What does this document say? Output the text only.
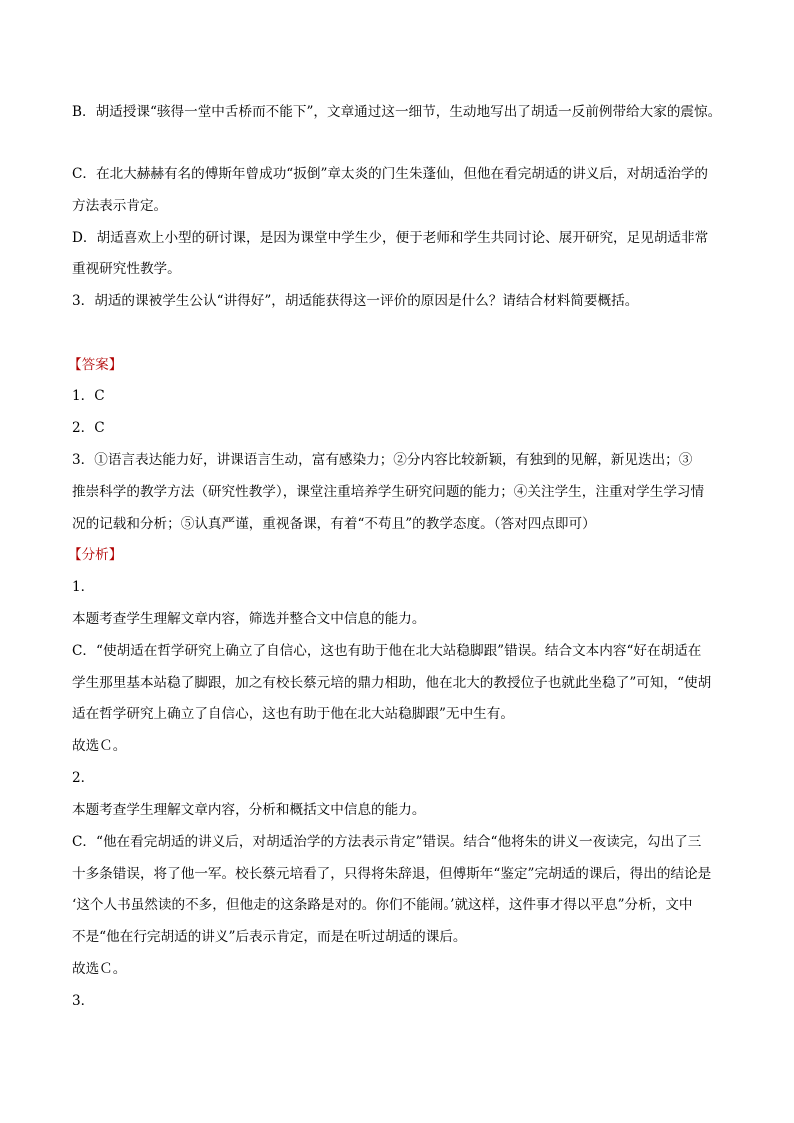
B．胡适授课“骇得一堂中舌桥而不能下”，文章通过这一细节，生动地写出了胡适一反前例带给大家的震惊。
C．在北大赫赫有名的傅斯年曾成功“扳倒”章太炎的门生朱蓬仙，但他在看完胡适的讲义后，对胡适治学的
方法表示肯定。
D．胡适喜欢上小型的研讨课，是因为课堂中学生少，便于老师和学生共同讨论、展开研究，足见胡适非常
重视研究性教学。
3．胡适的课被学生公认“讲得好”，胡适能获得这一评价的原因是什么？请结合材料简要概括。
【答案】
1．C
2．C
3．①语言表达能力好，讲课语言生动，富有感染力；②分内容比较新颖，有独到的见解，新见迭出；③
推崇科学的教学方法（研究性教学），课堂注重培养学生研究问题的能力；④关注学生，注重对学生学习情
况的记载和分析；⑤认真严谨，重视备课，有着“不苟且”的教学态度。（答对四点即可）
【分析】
1．
本题考查学生理解文章内容，筛选并整合文中信息的能力。
C．“使胡适在哲学研究上确立了自信心，这也有助于他在北大站稳脚跟”错误。结合文本内容“好在胡适在
学生那里基本站稳了脚跟，加之有校长蔡元培的鼎力相助，他在北大的教授位子也就此坐稳了”可知，“使胡
适在哲学研究上确立了自信心，这也有助于他在北大站稳脚跟”无中生有。
故选Ｃ。
2．
本题考查学生理解文章内容，分析和概括文中信息的能力。
C．“他在看完胡适的讲义后，对胡适治学的方法表示肯定”错误。结合“他将朱的讲义一夜读完，勾出了三
十多条错误，将了他一军。校长蔡元培看了，只得将朱辞退，但傅斯年“鉴定”完胡适的课后，得出的结论是
‘这个人书虽然读的不多，但他走的这条路是对的。你们不能闹。’就这样，这件事才得以平息”分析，文中
不是“他在行完胡适的讲义”后表示肯定，而是在听过胡适的课后。
故选Ｃ。
3．
